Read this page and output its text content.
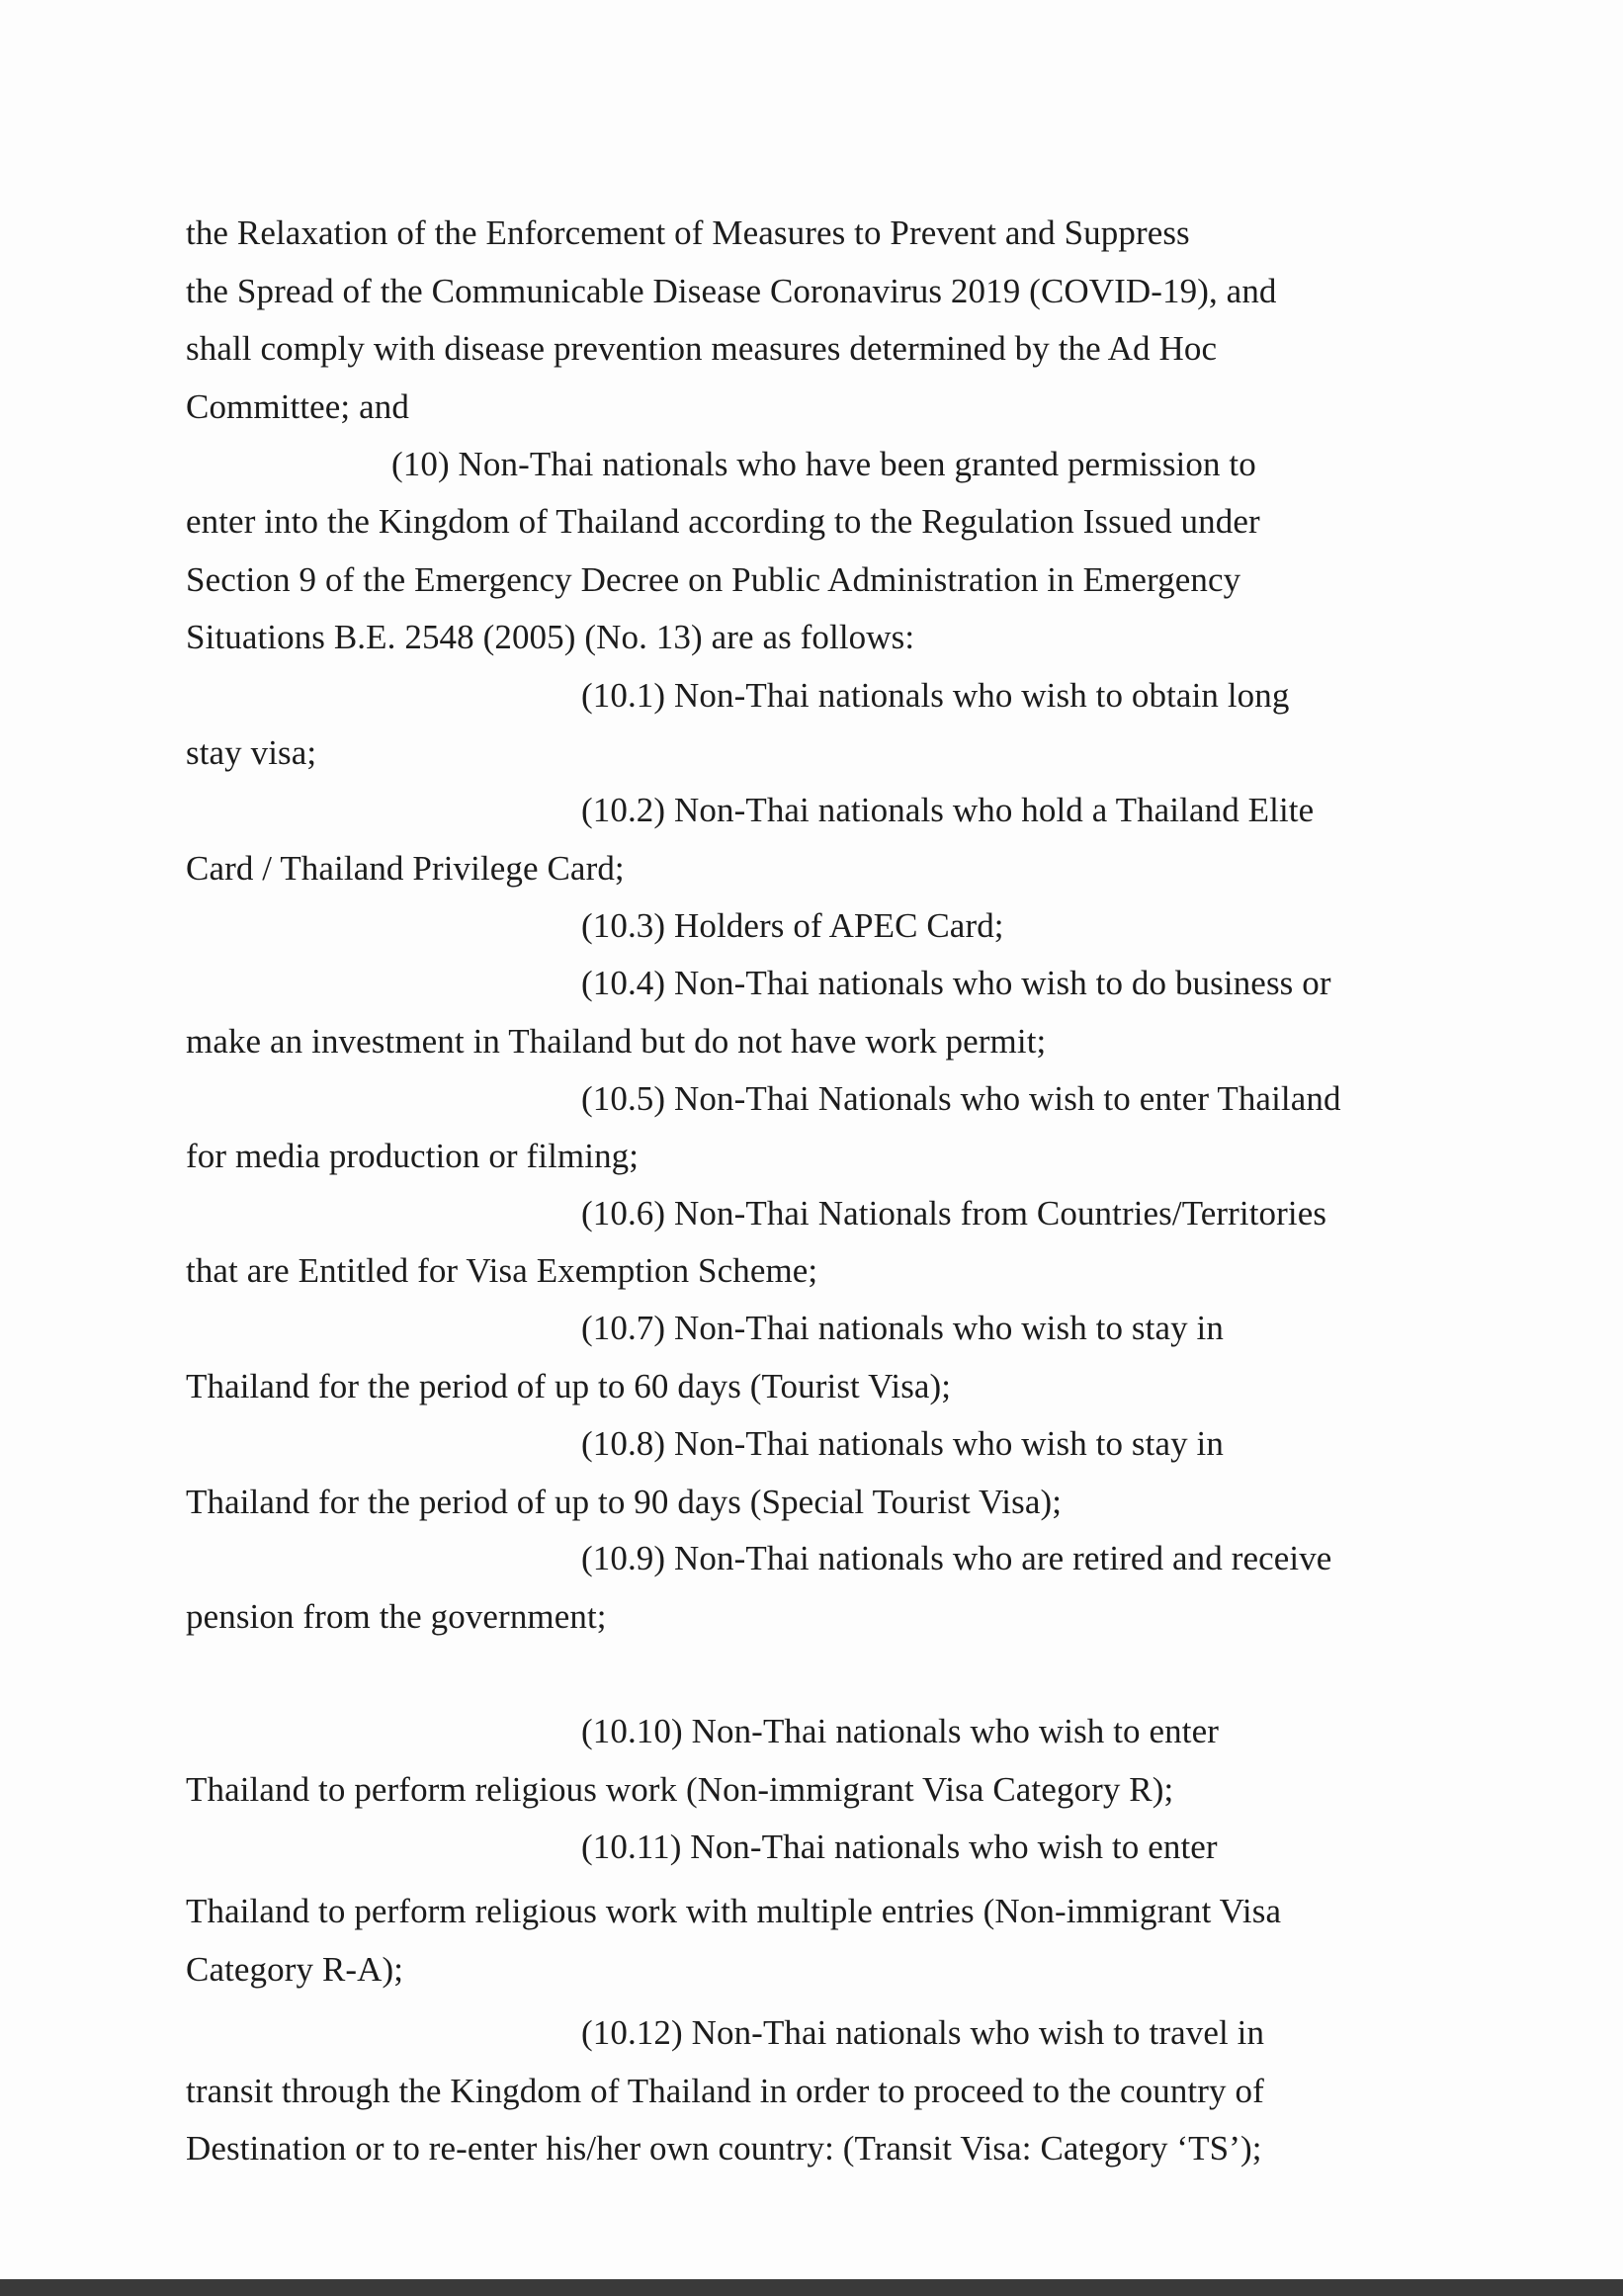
the Relaxation of the Enforcement of Measures to Prevent and Suppress
the Spread of the Communicable Disease Coronavirus 2019 (COVID-19), and
shall comply with disease prevention measures determined by the Ad Hoc
Committee; and
(10) Non-Thai nationals who have been granted permission to
enter into the Kingdom of Thailand according to the Regulation Issued under
Section 9 of the Emergency Decree on Public Administration in Emergency
Situations B.E. 2548 (2005) (No. 13) are as follows:
(10.1) Non-Thai nationals who wish to obtain long
stay visa;
(10.2) Non-Thai nationals who hold a Thailand Elite
Card / Thailand Privilege Card;
(10.3) Holders of APEC Card;
(10.4) Non-Thai nationals who wish to do business or
make an investment in Thailand but do not have work permit;
(10.5) Non-Thai Nationals who wish to enter Thailand
for media production or filming;
(10.6) Non-Thai Nationals from Countries/Territories
that are Entitled for Visa Exemption Scheme;
(10.7) Non-Thai nationals who wish to stay in
Thailand for the period of up to 60 days (Tourist Visa);
(10.8) Non-Thai nationals who wish to stay in
Thailand for the period of up to 90 days (Special Tourist Visa);
(10.9) Non-Thai nationals who are retired and receive
pension from the government;
(10.10) Non-Thai nationals who wish to enter
Thailand to perform religious work (Non-immigrant Visa Category R);
(10.11) Non-Thai nationals who wish to enter
Thailand to perform religious work with multiple entries (Non-immigrant Visa
Category R-A);
(10.12) Non-Thai nationals who wish to travel in
transit through the Kingdom of Thailand in order to proceed to the country of
Destination or to re-enter his/her own country: (Transit Visa: Category ‘TS’);
